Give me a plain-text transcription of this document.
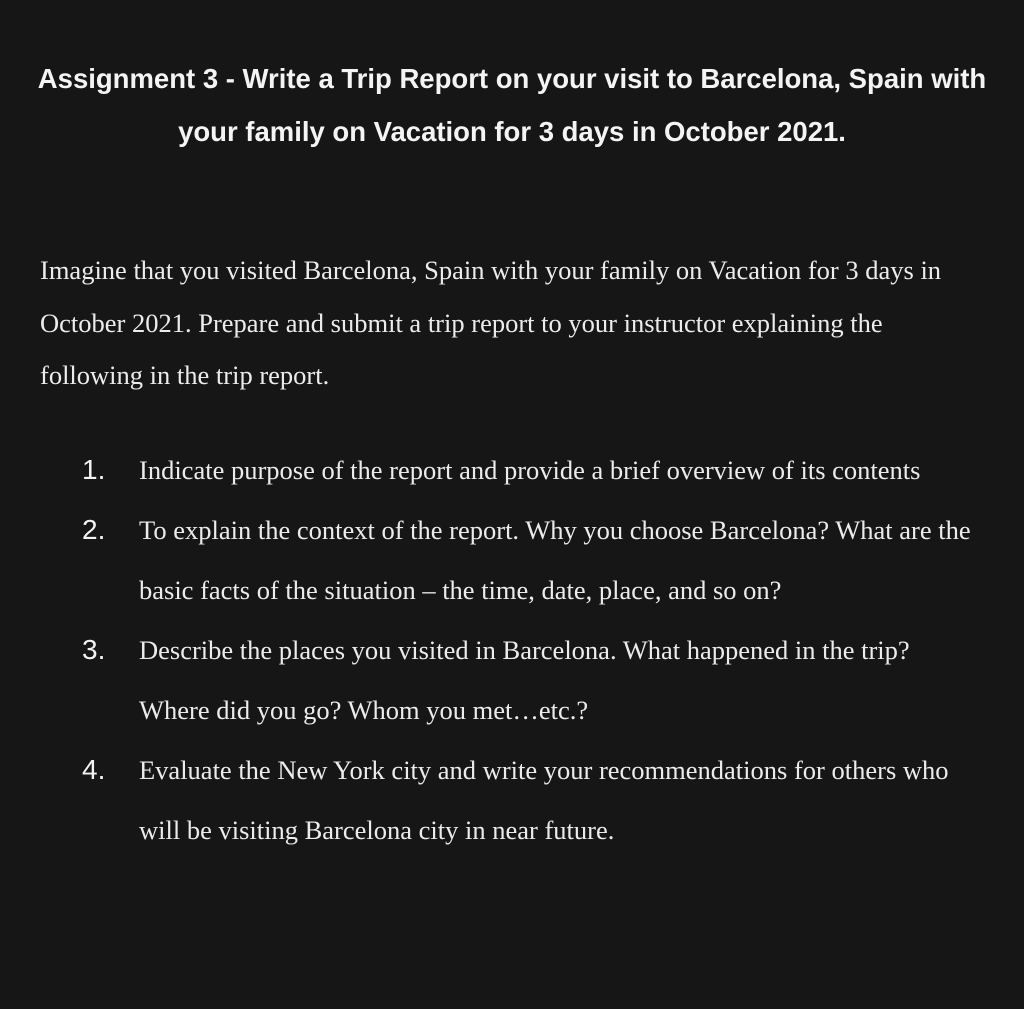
Assignment 3 - Write a Trip Report on your visit to Barcelona, Spain with your family on Vacation for 3 days in October 2021.
Imagine that you visited Barcelona, Spain with your family on Vacation for 3 days in October 2021. Prepare and submit a trip report to your instructor explaining the following in the trip report.
1. Indicate purpose of the report and provide a brief overview of its contents
2. To explain the context of the report. Why you choose Barcelona? What are the basic facts of the situation – the time, date, place, and so on?
3. Describe the places you visited in Barcelona. What happened in the trip? Where did you go? Whom you met…etc.?
4. Evaluate the New York city and write your recommendations for others who will be visiting Barcelona city in near future.
